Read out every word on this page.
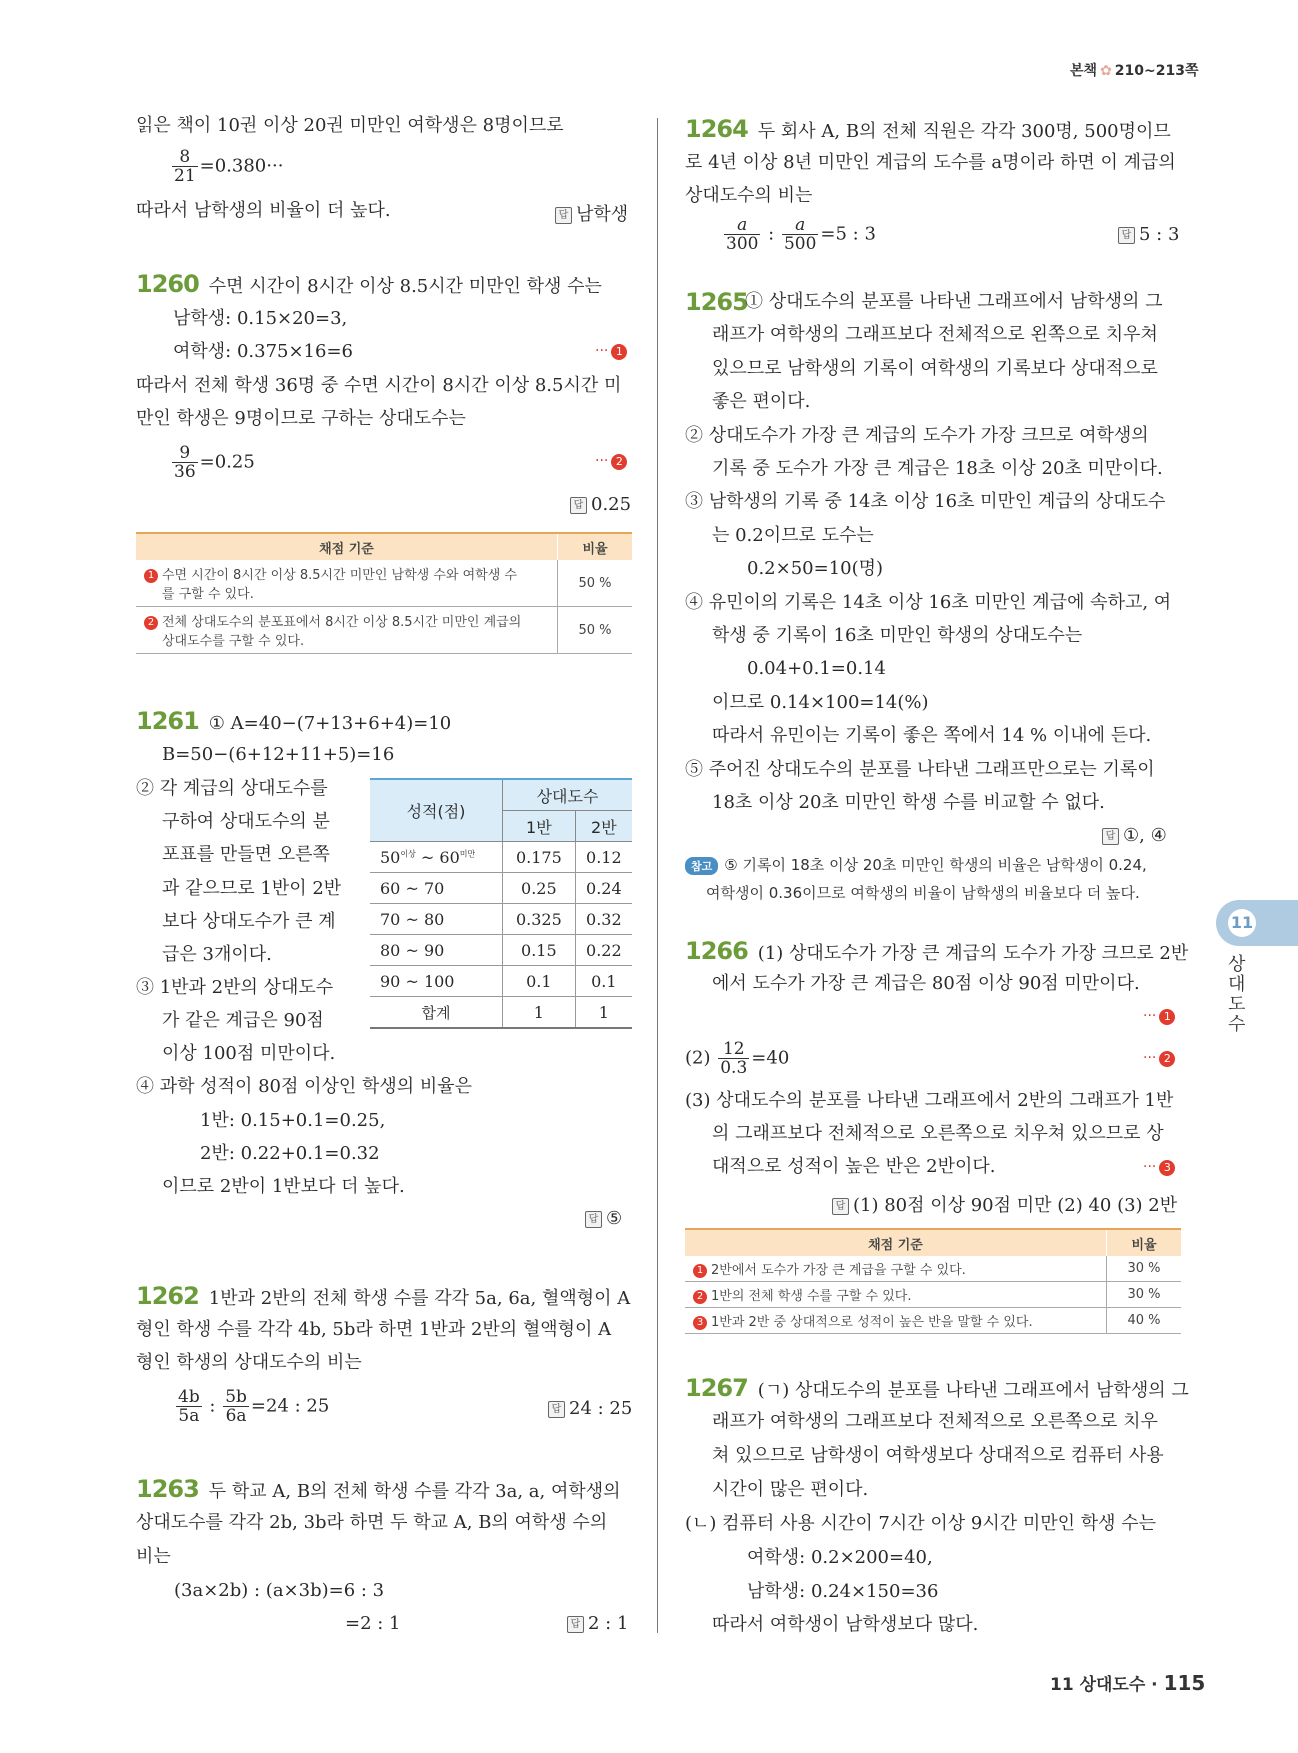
본책 ✿ 210~213쪽
읽은 책이 10권 이상 20권 미만인 여학생은 8명이므로
$\frac{8}{21} =0.380\cdot\cdot\cdot$
따라서 남학생의 비율이 더 높다.	답 남학생
1260 수면 시간이 8시간 이상 8.5시간 미만인 학생 수는
남학생: 0.15×20=3,
여학생: 0.375×16=6	··· 1
따라서 전체 학생 36명 중 수면 시간이 8시간 이상 8.5시간 미
만인 학생은 9명이므로 구하는 상대도수는
$\frac{9}{36} =0.25$	··· 2
답 0.25
채점 기준	비율
1 수면 시간이 8시간 이상 8.5시간 미만인 남학생 수와 여학생 수
를 구할 수 있다.	50 %
2 전체 상대도수의 분포표에서 8시간 이상 8.5시간 미만인 계급의
상대도수를 구할 수 있다.	50 %
1261 ① A=40−(7+13+6+4)=10
B=50−(6+12+11+5)=16
② 각 계급의 상대도수를
구하여 상대도수의 분
포표를 만들면 오른쪽
과 같으므로 1반이 2반
보다 상대도수가 큰 계
급은 3개이다.
성적(점)	상대도수	
	1반	2반
$50^{이상}$ ~ $60^{미만}$	0.175	0.12
60 ~ 70	0.25	0.24
70 ~ 80	0.325	0.32
80 ~ 90	0.15	0.22
90 ~ 100	0.1	0.1
합계	1	1
③ 1반과 2반의 상대도수
가 같은 계급은 90점
이상 100점 미만이다.
④ 과학 성적이 80점 이상인 학생의 비율은
1반: 0.15+0.1=0.25,
2반: 0.22+0.1=0.32
이므로 2반이 1반보다 더 높다.
답 ⑤
1262 1반과 2반의 전체 학생 수를 각각 5a, 6a, 혈액형이 A
형인 학생 수를 각각 4b, 5b라 하면 1반과 2반의 혈액형이 A
형인 학생의 상대도수의 비는
$\frac{4b}{5a}$ : $\frac{5b}{6a} =24$ : 25	답 24 : 25
1263 두 학교 A, B의 전체 학생 수를 각각 3a, a, 여학생의
상대도수를 각각 2b, 3b라 하면 두 학교 A, B의 여학생 수의
비는
(3a×2b) : (a×3b)=6 : 3
=2 : 1	답 2 : 1
1264 두 회사 A, B의 전체 직원은 각각 300명, 500명이므
로 4년 이상 8년 미만인 계급의 도수를 a명이라 하면 이 계급의
상대도수의 비는
$\frac{a}{300}$ : $\frac{a}{500} =5$ : 3	답 5 : 3
1265
① 상대도수의 분포를 나타낸 그래프에서 남학생의 그
래프가 여학생의 그래프보다 전체적으로 왼쪽으로 치우쳐
있으므로 남학생의 기록이 여학생의 기록보다 상대적으로
좋은 편이다.
② 상대도수가 가장 큰 계급의 도수가 가장 크므로 여학생의
기록 중 도수가 가장 큰 계급은 18초 이상 20초 미만이다.
③ 남학생의 기록 중 14초 이상 16초 미만인 계급의 상대도수
는 0.2이므로 도수는
0.2×50=10(명)
④ 유민이의 기록은 14초 이상 16초 미만인 계급에 속하고, 여
학생 중 기록이 16초 미만인 학생의 상대도수는
0.04+0.1=0.14
이므로 0.14×100=14(%)
따라서 유민이는 기록이 좋은 쪽에서 14 % 이내에 든다.
⑤ 주어진 상대도수의 분포를 나타낸 그래프만으로는 기록이
18초 이상 20초 미만인 학생 수를 비교할 수 없다.
답 ①, ④
참고 ⑤ 기록이 18초 이상 20초 미만인 학생의 비율은 남학생이 0.24,
여학생이 0.36이므로 여학생의 비율이 남학생의 비율보다 더 높다.
1266 (1) 상대도수가 가장 큰 계급의 도수가 가장 크므로 2반
에서 도수가 가장 큰 계급은 80점 이상 90점 미만이다.
··· 1
$(2) \frac{12}{0.3} =40$	··· 2
(3) 상대도수의 분포를 나타낸 그래프에서 2반의 그래프가 1반
의 그래프보다 전체적으로 오른쪽으로 치우쳐 있으므로 상
대적으로 성적이 높은 반은 2반이다.	··· 3
답 (1) 80점 이상 90점 미만 (2) 40 (3) 2반
채점 기준	비율
1 2반에서 도수가 가장 큰 계급을 구할 수 있다.	30 %
2 1반의 전체 학생 수를 구할 수 있다.	30 %
3 1반과 2반 중 상대적으로 성적이 높은 반을 말할 수 있다.	40 %
1267 (ㄱ) 상대도수의 분포를 나타낸 그래프에서 남학생의 그
래프가 여학생의 그래프보다 전체적으로 오른쪽으로 치우
쳐 있으므로 남학생이 여학생보다 상대적으로 컴퓨터 사용
시간이 많은 편이다.
(ㄴ) 컴퓨터 사용 시간이 7시간 이상 9시간 미만인 학생 수는
여학생: 0.2×200=40,
남학생: 0.24×150=36
따라서 여학생이 남학생보다 많다.
11
상대도수
11 상대도수 · 115
